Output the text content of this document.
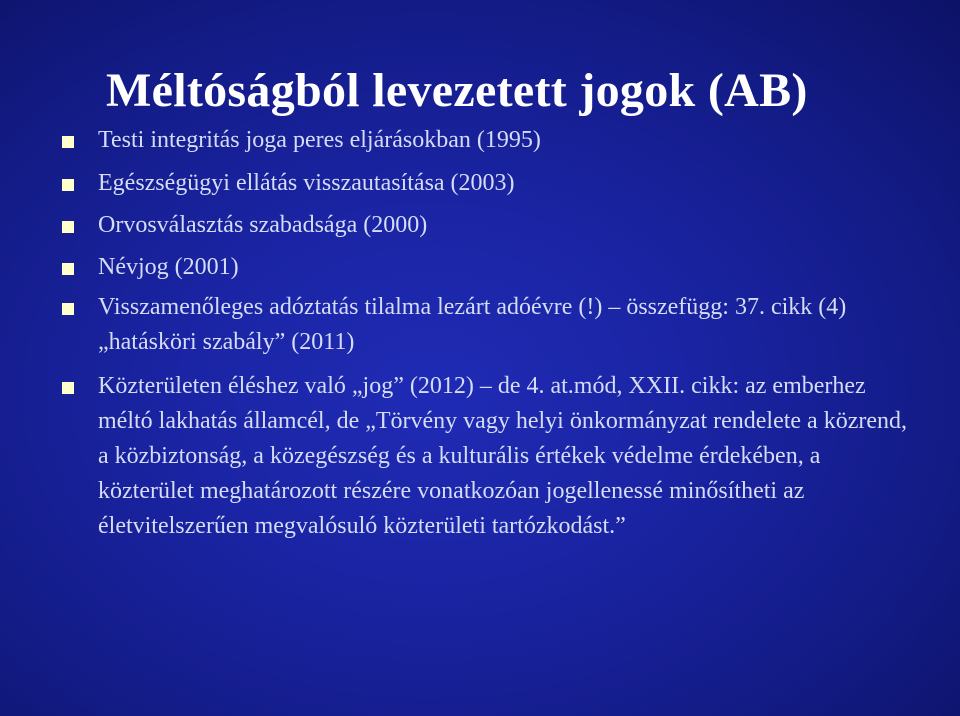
Méltóságból levezetett jogok (AB)
Testi integritás joga peres eljárásokban (1995)
Egészségügyi ellátás visszautasítása (2003)
Orvosválasztás szabadsága (2000)
Névjog (2001)
Visszamenőleges adóztatás tilalma lezárt adóévre (!) – összefügg: 37. cikk (4) „hatásköri szabály” (2011)
Közterületen éléshez való „jog” (2012) – de 4. at.mód, XXII. cikk: az emberhez méltó lakhatás államcél, de „Törvény vagy helyi önkormányzat rendelete a közrend, a közbiztonság, a közegészség és a kulturális értékek védelme érdekében, a közterület meghatározott részére vonatkozóan jogellenessé minősítheti az életvitelszerűen megvalósuló közterületi tartózkodást.”
